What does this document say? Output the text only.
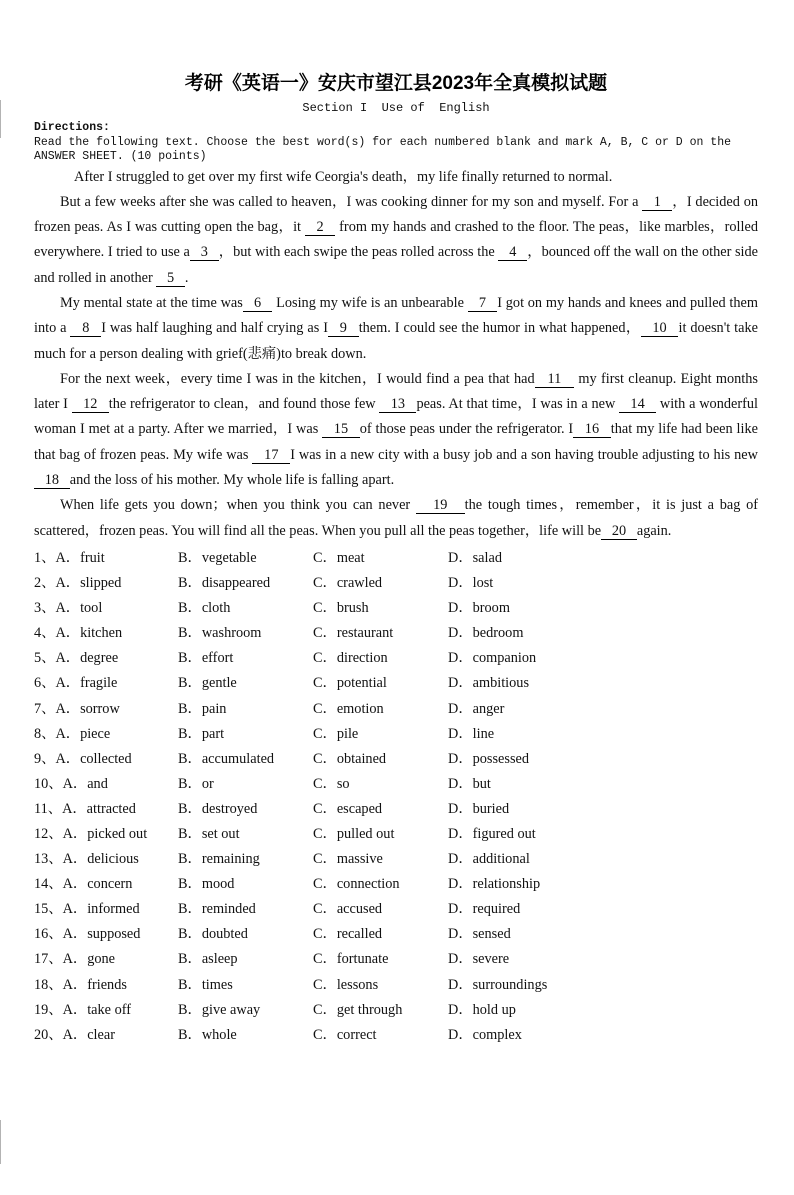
考研《英语一》安庆市望江县2023年全真模拟试题
Section I  Use of  English
Directions:
Read the following text. Choose the best word(s) for each numbered blank and mark A, B, C or D on the ANSWER SHEET. (10 points)

After I struggled to get over my first wife Ceorgia's death，my life finally returned to normal.

But a few weeks after she was called to heaven，I was cooking dinner for my son and myself. For a    1   ，I decided on frozen peas. As I was cutting open the bag，it    2    from my hands and crashed to the floor. The peas，like marbles，rolled everywhere. I tried to use a   3   ，but with each swipe the peas rolled across the    4   ，bounced off the wall on the other side and rolled in another    5   .

My mental state at the time was   6    Losing my wife is an unbearable    7   I got on my hands and knees and pulled them into a    8   I was half laughing and half crying as I   9   them. I could see the humor in what happened，   10   it doesn't take much for a person dealing with grief(悲痛)to break down.

For the next week，every time I was in the kitchen，I would find a pea that had   11    my first cleanup. Eight months later I    12   the refrigerator to clean，and found those few    13   peas. At that time，I was in a new    14    with a wonderful woman I met at a party. After we married，I was    15   of those peas under the refrigerator. I   16   that my life had been like that bag of frozen peas. My wife was    17   I was in a new city with a busy job and a son having trouble adjusting to his new    18   and the loss of his mother. My whole life is falling apart.

When life gets you down；when you think you can never    19   the tough times，remember，it is just a bag of scattered，frozen peas. You will find all the peas. When you pull all the peas together，life will be   20   again.

1、A．fruit	B．vegetable	C．meat	D．salad
2、A．slipped	B．disappeared	C．crawled	D．lost
3、A．tool	B．cloth	C．brush	D．broom
4、A．kitchen	B．washroom	C．restaurant	D．bedroom
5、A．degree	B．effort	C．direction	D．companion
6、A．fragile	B．gentle	C．potential	D．ambitious
7、A．sorrow	B．pain	C．emotion	D．anger
8、A．piece	B．part	C．pile	D．line
9、A．collected	B．accumulated	C．obtained	D．possessed
10、A．and	B．or	C．so	D．but
11、A．attracted	B．destroyed	C．escaped	D．buried
12、A．picked out	B．set out	C．pulled out	D．figured out
13、A．delicious	B．remaining	C．massive	D．additional
14、A．concern	B．mood	C．connection	D．relationship
15、A．informed	B．reminded	C．accused	D．required
16、A．supposed	B．doubted	C．recalled	D．sensed
17、A．gone	B．asleep	C．fortunate	D．severe
18、A．friends	B．times	C．lessons	D．surroundings
19、A．take off	B．give away	C．get through	D．hold up
20、A．clear	B．whole	C．correct	D．complex
